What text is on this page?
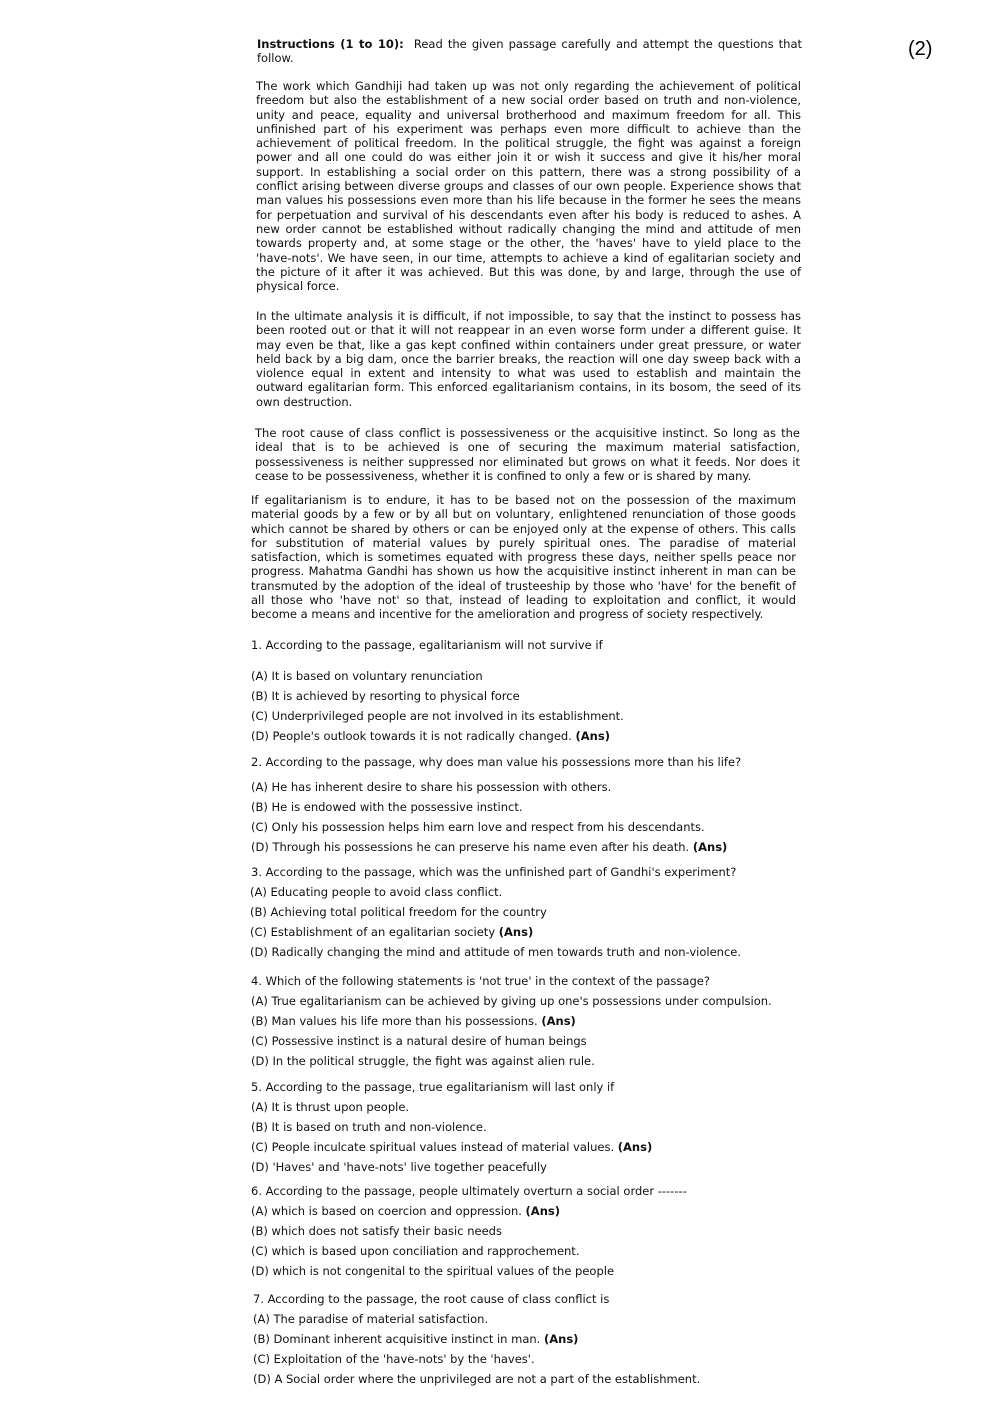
(2)
Instructions (1 to 10): Read the given passage carefully and attempt the questions that follow.
The work which Gandhiji had taken up was not only regarding the achievement of political freedom but also the establishment of a new social order based on truth and non-violence, unity and peace, equality and universal brotherhood and maximum freedom for all. This unfinished part of his experiment was perhaps even more difficult to achieve than the achievement of political freedom. In the political struggle, the fight was against a foreign power and all one could do was either join it or wish it success and give it his/her moral support. In establishing a social order on this pattern, there was a strong possibility of a conflict arising between diverse groups and classes of our own people. Experience shows that man values his possessions even more than his life because in the former he sees the means for perpetuation and survival of his descendants even after his body is reduced to ashes. A new order cannot be established without radically changing the mind and attitude of men towards property and, at some stage or the other, the 'haves' have to yield place to the 'have-nots'. We have seen, in our time, attempts to achieve a kind of egalitarian society and the picture of it after it was achieved. But this was done, by and large, through the use of physical force.
In the ultimate analysis it is difficult, if not impossible, to say that the instinct to possess has been rooted out or that it will not reappear in an even worse form under a different guise. It may even be that, like a gas kept confined within containers under great pressure, or water held back by a big dam, once the barrier breaks, the reaction will one day sweep back with a violence equal in extent and intensity to what was used to establish and maintain the outward egalitarian form. This enforced egalitarianism contains, in its bosom, the seed of its own destruction.
The root cause of class conflict is possessiveness or the acquisitive instinct. So long as the ideal that is to be achieved is one of securing the maximum material satisfaction, possessiveness is neither suppressed nor eliminated but grows on what it feeds. Nor does it cease to be possessiveness, whether it is confined to only a few or is shared by many.
If egalitarianism is to endure, it has to be based not on the possession of the maximum material goods by a few or by all but on voluntary, enlightened renunciation of those goods which cannot be shared by others or can be enjoyed only at the expense of others. This calls for substitution of material values by purely spiritual ones. The paradise of material satisfaction, which is sometimes equated with progress these days, neither spells peace nor progress. Mahatma Gandhi has shown us how the acquisitive instinct inherent in man can be transmuted by the adoption of the ideal of trusteeship by those who 'have' for the benefit of all those who 'have not' so that, instead of leading to exploitation and conflict, it would become a means and incentive for the amelioration and progress of society respectively.
1. According to the passage, egalitarianism will not survive if
(A) It is based on voluntary renunciation
(B) It is achieved by resorting to physical force
(C) Underprivileged people are not involved in its establishment.
(D) People's outlook towards it is not radically changed. (Ans)
2. According to the passage, why does man value his possessions more than his life?
(A) He has inherent desire to share his possession with others.
(B) He is endowed with the possessive instinct.
(C) Only his possession helps him earn love and respect from his descendants.
(D) Through his possessions he can preserve his name even after his death. (Ans)
3. According to the passage, which was the unfinished part of Gandhi's experiment?
(A) Educating people to avoid class conflict.
(B) Achieving total political freedom for the country
(C) Establishment of an egalitarian society (Ans)
(D) Radically changing the mind and attitude of men towards truth and non-violence.
4. Which of the following statements is 'not true' in the context of the passage?
(A) True egalitarianism can be achieved by giving up one's possessions under compulsion.
(B) Man values his life more than his possessions. (Ans)
(C) Possessive instinct is a natural desire of human beings
(D) In the political struggle, the fight was against alien rule.
5. According to the passage, true egalitarianism will last only if
(A) It is thrust upon people.
(B) It is based on truth and non-violence.
(C) People inculcate spiritual values instead of material values. (Ans)
(D) 'Haves' and 'have-nots' live together peacefully
6. According to the passage, people ultimately overturn a social order -------
(A) which is based on coercion and oppression. (Ans)
(B) which does not satisfy their basic needs
(C) which is based upon conciliation and rapprochement.
(D) which is not congenital to the spiritual values of the people
7. According to the passage, the root cause of class conflict is
(A) The paradise of material satisfaction.
(B) Dominant inherent acquisitive instinct in man. (Ans)
(C) Exploitation of the 'have-nots' by the 'haves'.
(D) A Social order where the unprivileged are not a part of the establishment.
